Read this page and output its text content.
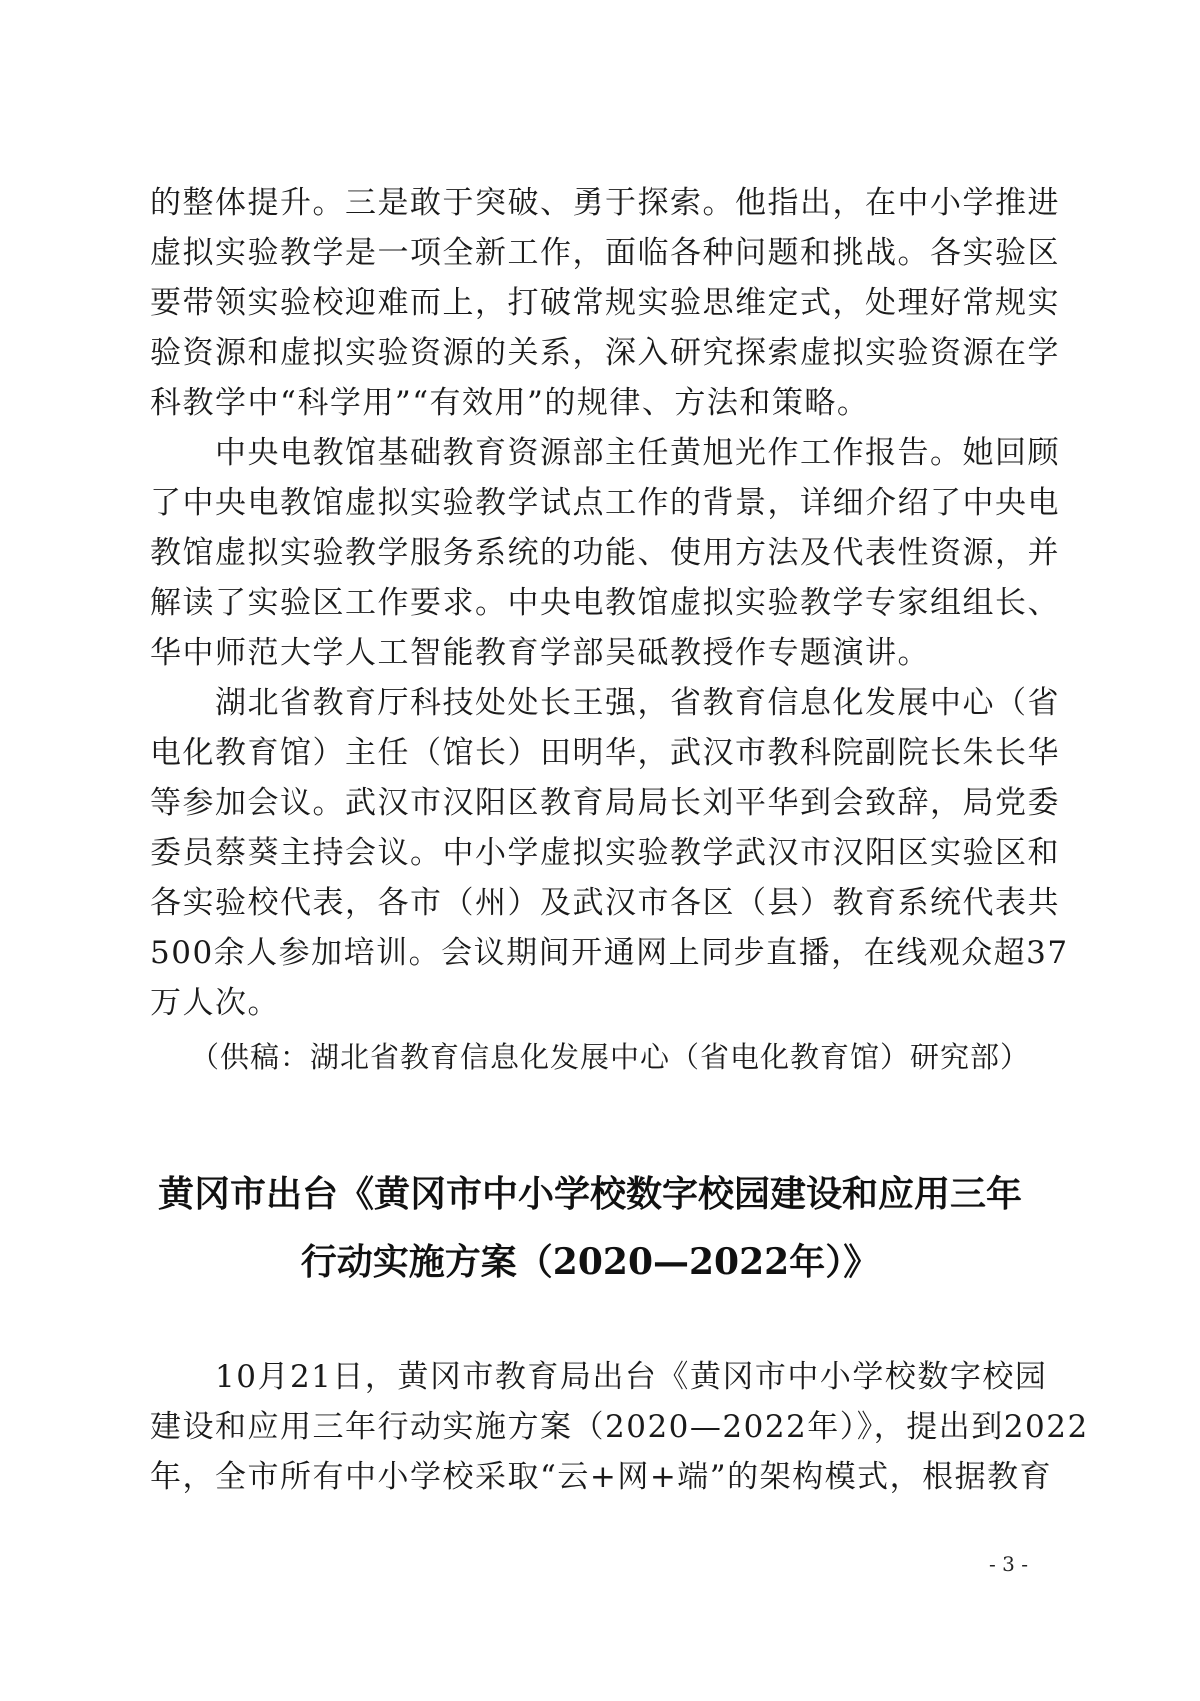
的整体提升。三是敢于突破、勇于探索。他指出，在中小学推进
虚拟实验教学是一项全新工作，面临各种问题和挑战。各实验区
要带领实验校迎难而上，打破常规实验思维定式，处理好常规实
验资源和虚拟实验资源的关系，深入研究探索虚拟实验资源在学
科教学中“科学用”“有效用”的规律、方法和策略。
　　中央电教馆基础教育资源部主任黄旭光作工作报告。她回顾
了中央电教馆虚拟实验教学试点工作的背景，详细介绍了中央电
教馆虚拟实验教学服务系统的功能、使用方法及代表性资源，并
解读了实验区工作要求。中央电教馆虚拟实验教学专家组组长、
华中师范大学人工智能教育学部吴砥教授作专题演讲。
　　湖北省教育厅科技处处长王强，省教育信息化发展中心（省
电化教育馆）主任（馆长）田明华，武汉市教科院副院长朱长华
等参加会议。武汉市汉阳区教育局局长刘平华到会致辞，局党委
委员蔡葵主持会议。中小学虚拟实验教学武汉市汉阳区实验区和
各实验校代表，各市（州）及武汉市各区（县）教育系统代表共
500余人参加培训。会议期间开通网上同步直播，在线观众超37
万人次。
（供稿：湖北省教育信息化发展中心（省电化教育馆）研究部）
黄冈市出台《黄冈市中小学校数字校园建设和应用三年
行动实施方案（2020—2022年）》
　　10月21日，黄冈市教育局出台《黄冈市中小学校数字校园
建设和应用三年行动实施方案（2020—2022年）》，提出到2022
年，全市所有中小学校采取“云+网+端”的架构模式，根据教育
- 3 -
